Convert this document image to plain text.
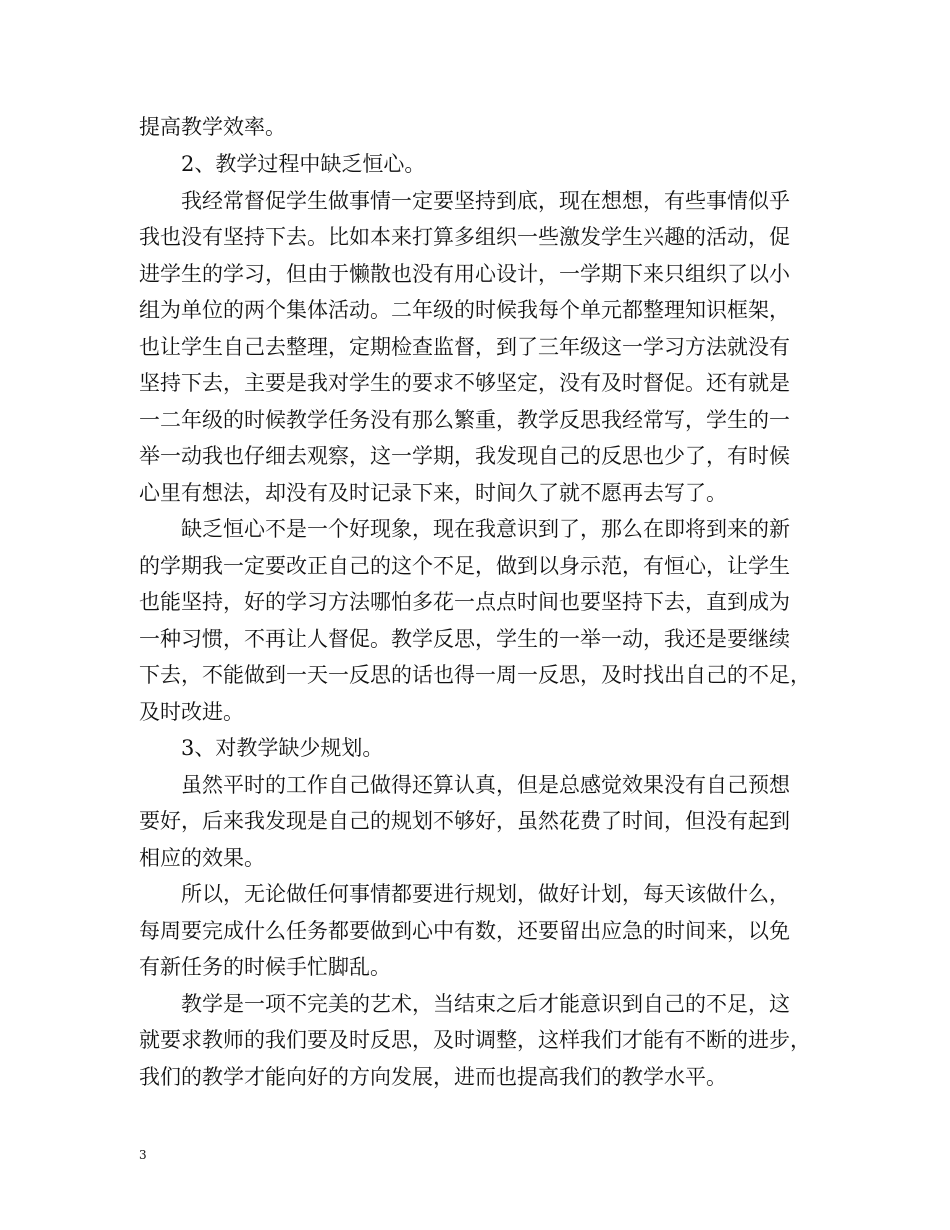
提高教学效率。
2、教学过程中缺乏恒心。
我经常督促学生做事情一定要坚持到底，现在想想，有些事情似乎
我也没有坚持下去。比如本来打算多组织一些激发学生兴趣的活动，促
进学生的学习，但由于懒散也没有用心设计，一学期下来只组织了以小
组为单位的两个集体活动。二年级的时候我每个单元都整理知识框架，
也让学生自己去整理，定期检查监督，到了三年级这一学习方法就没有
坚持下去，主要是我对学生的要求不够坚定，没有及时督促。还有就是
一二年级的时候教学任务没有那么繁重，教学反思我经常写，学生的一
举一动我也仔细去观察，这一学期，我发现自己的反思也少了，有时候
心里有想法，却没有及时记录下来，时间久了就不愿再去写了。
缺乏恒心不是一个好现象，现在我意识到了，那么在即将到来的新
的学期我一定要改正自己的这个不足，做到以身示范，有恒心，让学生
也能坚持，好的学习方法哪怕多花一点点时间也要坚持下去，直到成为
一种习惯，不再让人督促。教学反思，学生的一举一动，我还是要继续
下去，不能做到一天一反思的话也得一周一反思，及时找出自己的不足，
及时改进。
3、对教学缺少规划。
虽然平时的工作自己做得还算认真，但是总感觉效果没有自己预想
要好，后来我发现是自己的规划不够好，虽然花费了时间，但没有起到
相应的效果。
所以，无论做任何事情都要进行规划，做好计划，每天该做什么，
每周要完成什么任务都要做到心中有数，还要留出应急的时间来，以免
有新任务的时候手忙脚乱。
教学是一项不完美的艺术，当结束之后才能意识到自己的不足，这
就要求教师的我们要及时反思，及时调整，这样我们才能有不断的进步，
我们的教学才能向好的方向发展，进而也提高我们的教学水平。
3
